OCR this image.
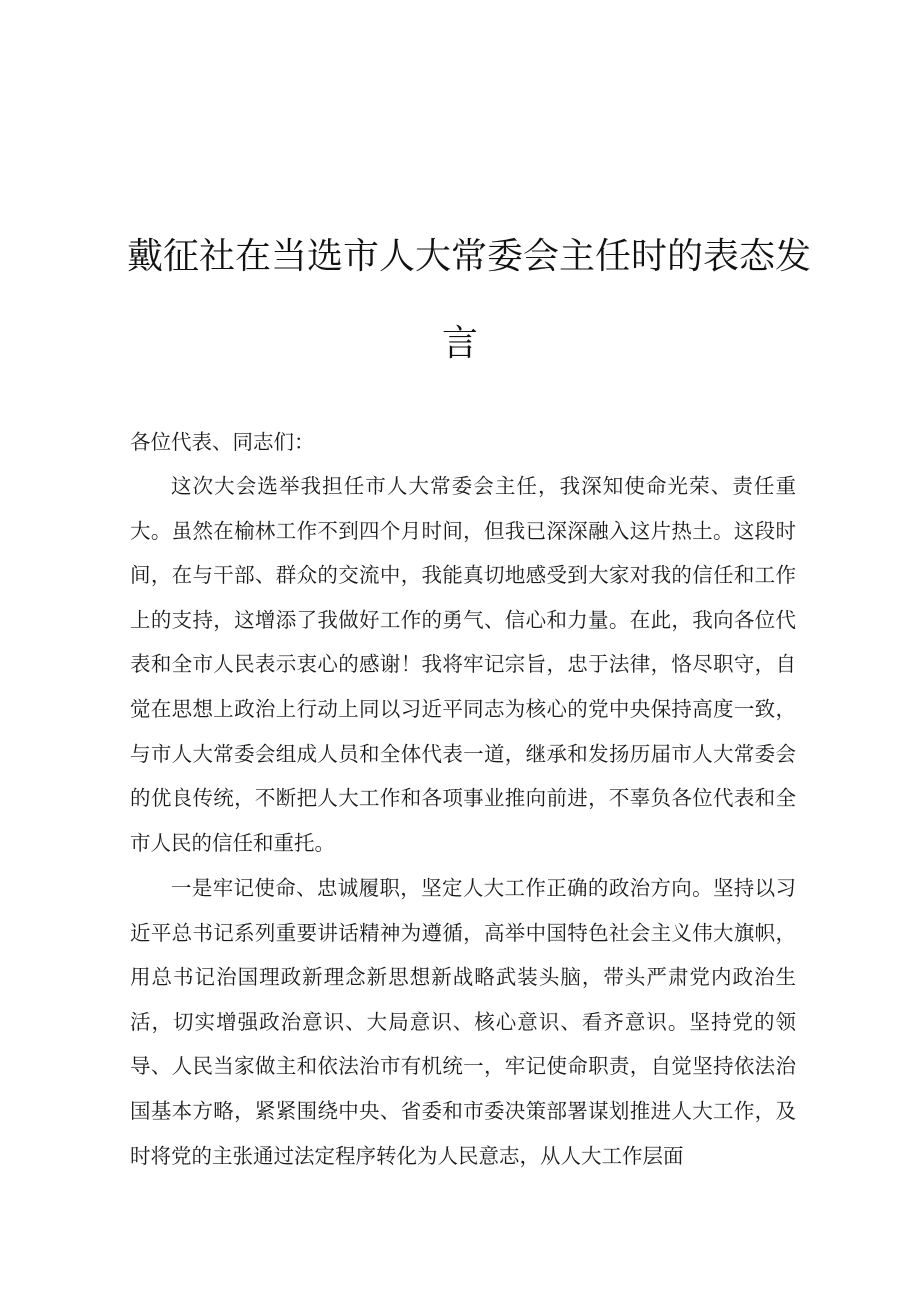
戴征社在当选市人大常委会主任时的表态发
言

各位代表、同志们：

这次大会选举我担任市人大常委会主任，我深知使命光荣、责任重大。虽然在榆林工作不到四个月时间，但我已深深融入这片热土。这段时间，在与干部、群众的交流中，我能真切地感受到大家对我的信任和工作上的支持，这增添了我做好工作的勇气、信心和力量。在此，我向各位代表和全市人民表示衷心的感谢！我将牢记宗旨，忠于法律，恪尽职守，自觉在思想上政治上行动上同以习近平同志为核心的党中央保持高度一致，与市人大常委会组成人员和全体代表一道，继承和发扬历届市人大常委会的优良传统，不断把人大工作和各项事业推向前进，不辜负各位代表和全市人民的信任和重托。

一是牢记使命、忠诚履职，坚定人大工作正确的政治方向。坚持以习近平总书记系列重要讲话精神为遵循，高举中国特色社会主义伟大旗帜，用总书记治国理政新理念新思想新战略武装头脑，带头严肃党内政治生活，切实增强政治意识、大局意识、核心意识、看齐意识。坚持党的领导、人民当家做主和依法治市有机统一，牢记使命职责，自觉坚持依法治国基本方略，紧紧围绕中央、省委和市委决策部署谋划推进人大工作，及时将党的主张通过法定程序转化为人民意志，从人大工作层面
